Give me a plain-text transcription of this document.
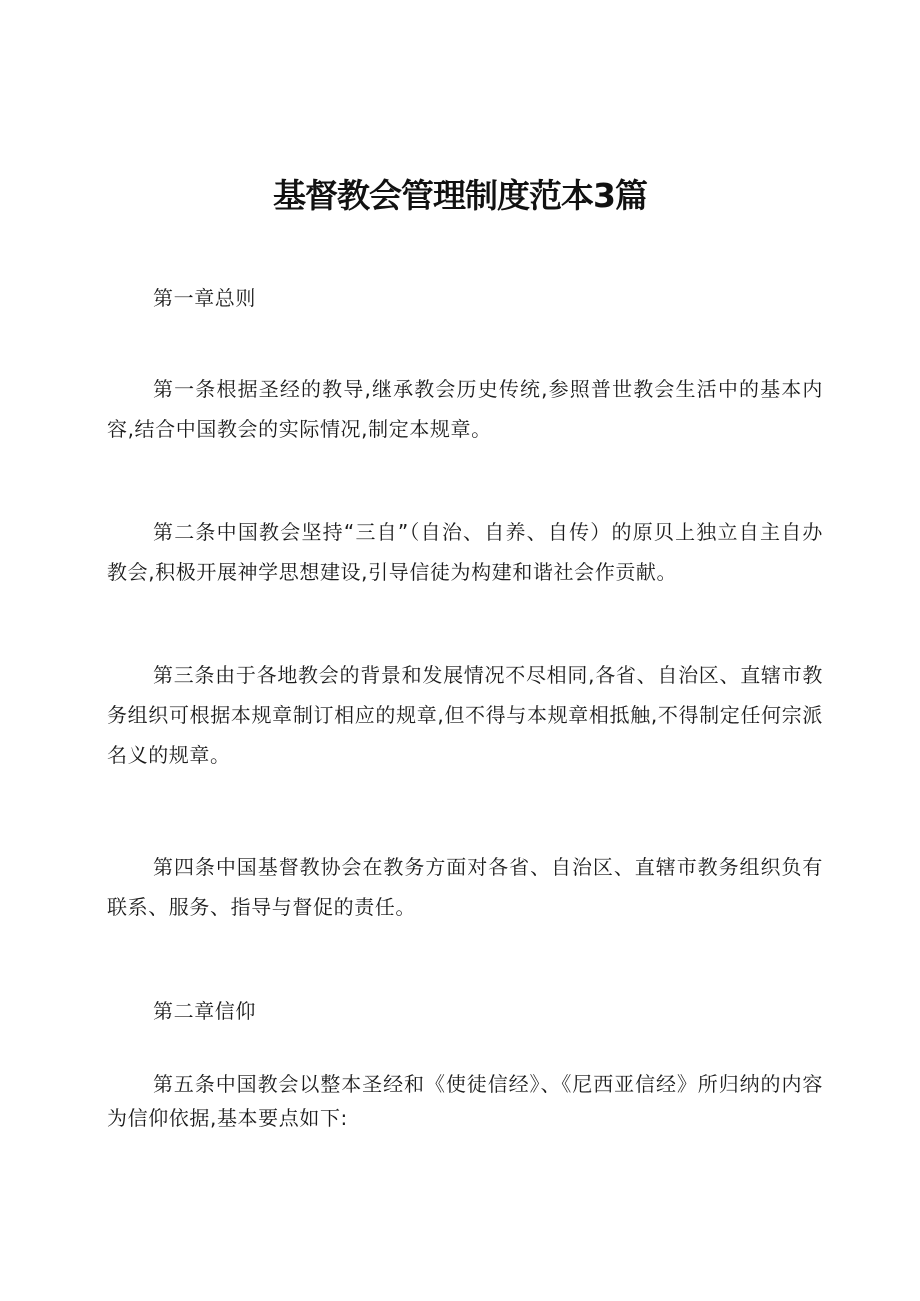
基督教会管理制度范本3篇

第一章总则

第一条根据圣经的教导,继承教会历史传统,参照普世教会生活中的基本内容,结合中国教会的实际情况,制定本规章。

第二条中国教会坚持“三自”（自治、自养、自传）的原贝上独立自主自办教会,积极开展神学思想建设,引导信徒为构建和谐社会作贡献。

第三条由于各地教会的背景和发展情况不尽相同,各省、自治区、直辖市教务组织可根据本规章制订相应的规章,但不得与本规章相抵触,不得制定任何宗派名义的规章。

第四条中国基督教协会在教务方面对各省、自治区、直辖市教务组织负有联系、服务、指导与督促的责任。

第二章信仰

第五条中国教会以整本圣经和《使徒信经》、《尼西亚信经》所归纳的内容为信仰依据,基本要点如下:
